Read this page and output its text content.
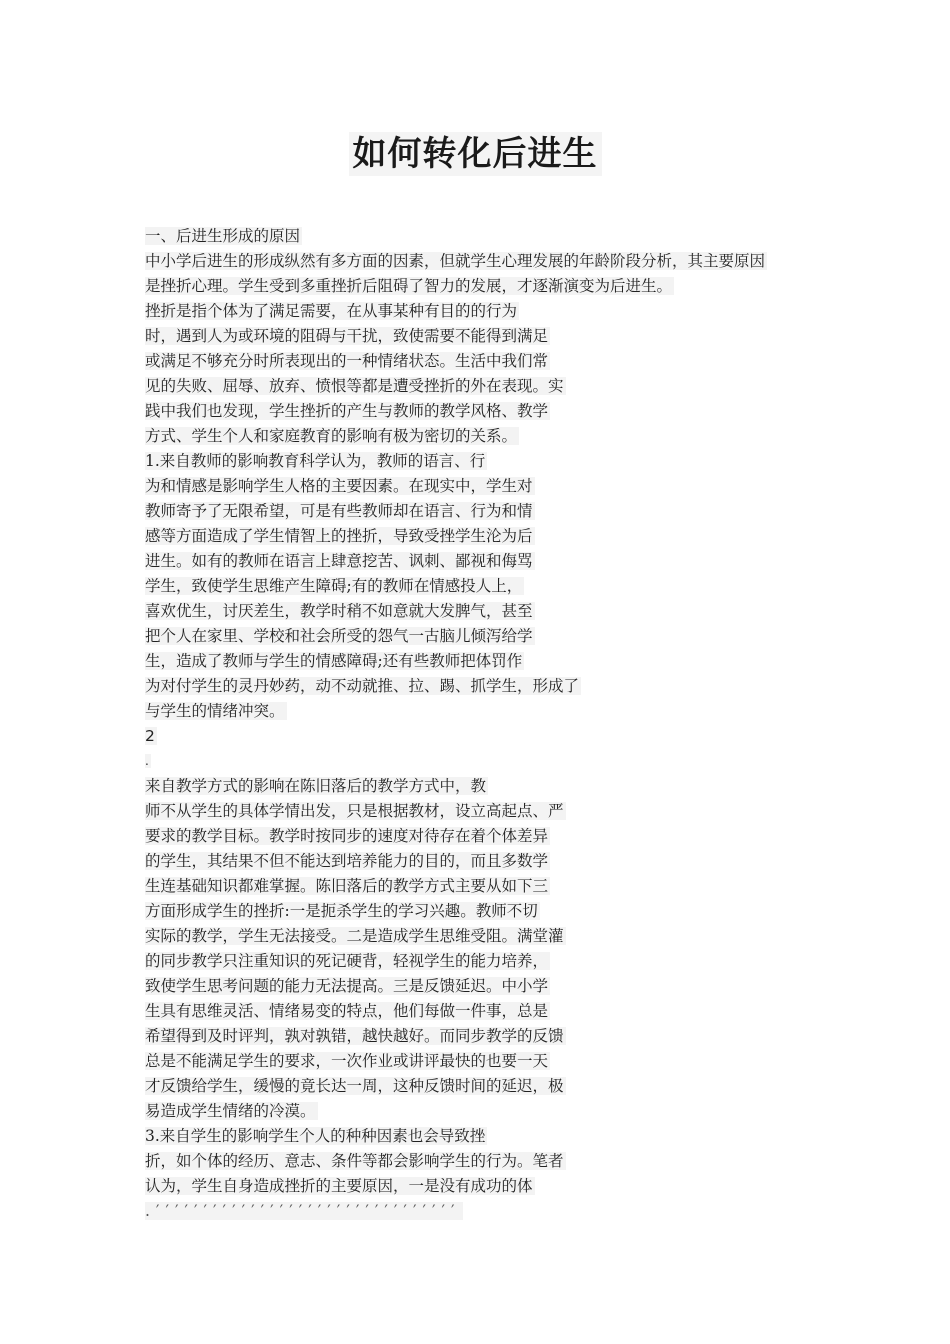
如何转化后进生
一、后进生形成的原因
中小学后进生的形成纵然有多方面的因素，但就学生心理发展的年龄阶段分析，其主要原因
是挫折心理。学生受到多重挫折后阻碍了智力的发展，才逐渐演变为后进生。
挫折是指个体为了满足需要，在从事某种有目的的行为
时，遇到人为或环境的阻碍与干扰，致使需要不能得到满足
或满足不够充分时所表现出的一种情绪状态。生活中我们常
见的失败、屈辱、放弃、愤恨等都是遭受挫折的外在表现。实
践中我们也发现，学生挫折的产生与教师的教学风格、教学
方式、学生个人和家庭教育的影响有极为密切的关系。
1.来自教师的影响教育科学认为，教师的语言、行
为和情感是影响学生人格的主要因素。在现实中，学生对
教师寄予了无限希望，可是有些教师却在语言、行为和情
感等方面造成了学生情智上的挫折，导致受挫学生沦为后
进生。如有的教师在语言上肆意挖苦、讽刺、鄙视和侮骂
学生，致使学生思维产生障碍;有的教师在情感投人上，
喜欢优生，讨厌差生，教学时稍不如意就大发脾气，甚至
把个人在家里、学校和社会所受的怨气一古脑儿倾泻给学
生，造成了教师与学生的情感障碍;还有些教师把体罚作
为对付学生的灵丹妙药，动不动就推、拉、踢、抓学生，形成了
与学生的情绪冲突。
2
.
来自教学方式的影响在陈旧落后的教学方式中，教
师不从学生的具体学情出发，只是根据教材，设立高起点、严
要求的教学目标。教学时按同步的速度对待存在着个体差异
的学生，其结果不但不能达到培养能力的目的，而且多数学
生连基础知识都难掌握。陈旧落后的教学方式主要从如下三
方面形成学生的挫折:一是扼杀学生的学习兴趣。教师不切
实际的教学，学生无法接受。二是造成学生思维受阻。满堂灌
的同步教学只注重知识的死记硬背，轻视学生的能力培养，
致使学生思考问题的能力无法提高。三是反馈延迟。中小学
生具有思维灵活、情绪易变的特点，他们每做一件事，总是
希望得到及时评判，孰对孰错，越快越好。而同步教学的反馈
总是不能满足学生的要求，一次作业或讲评最快的也要一天
才反馈给学生，缓慢的竟长达一周，这种反馈时间的延迟，极
易造成学生情绪的冷漠。
3.来自学生的影响学生个人的种种因素也会导致挫
折，如个体的经历、意志、条件等都会影响学生的行为。笔者
认为，学生自身造成挫折的主要原因，一是没有成功的体
.′′′′′′′′′′′′′′′′′′′′′′′′′′′′′′′′
